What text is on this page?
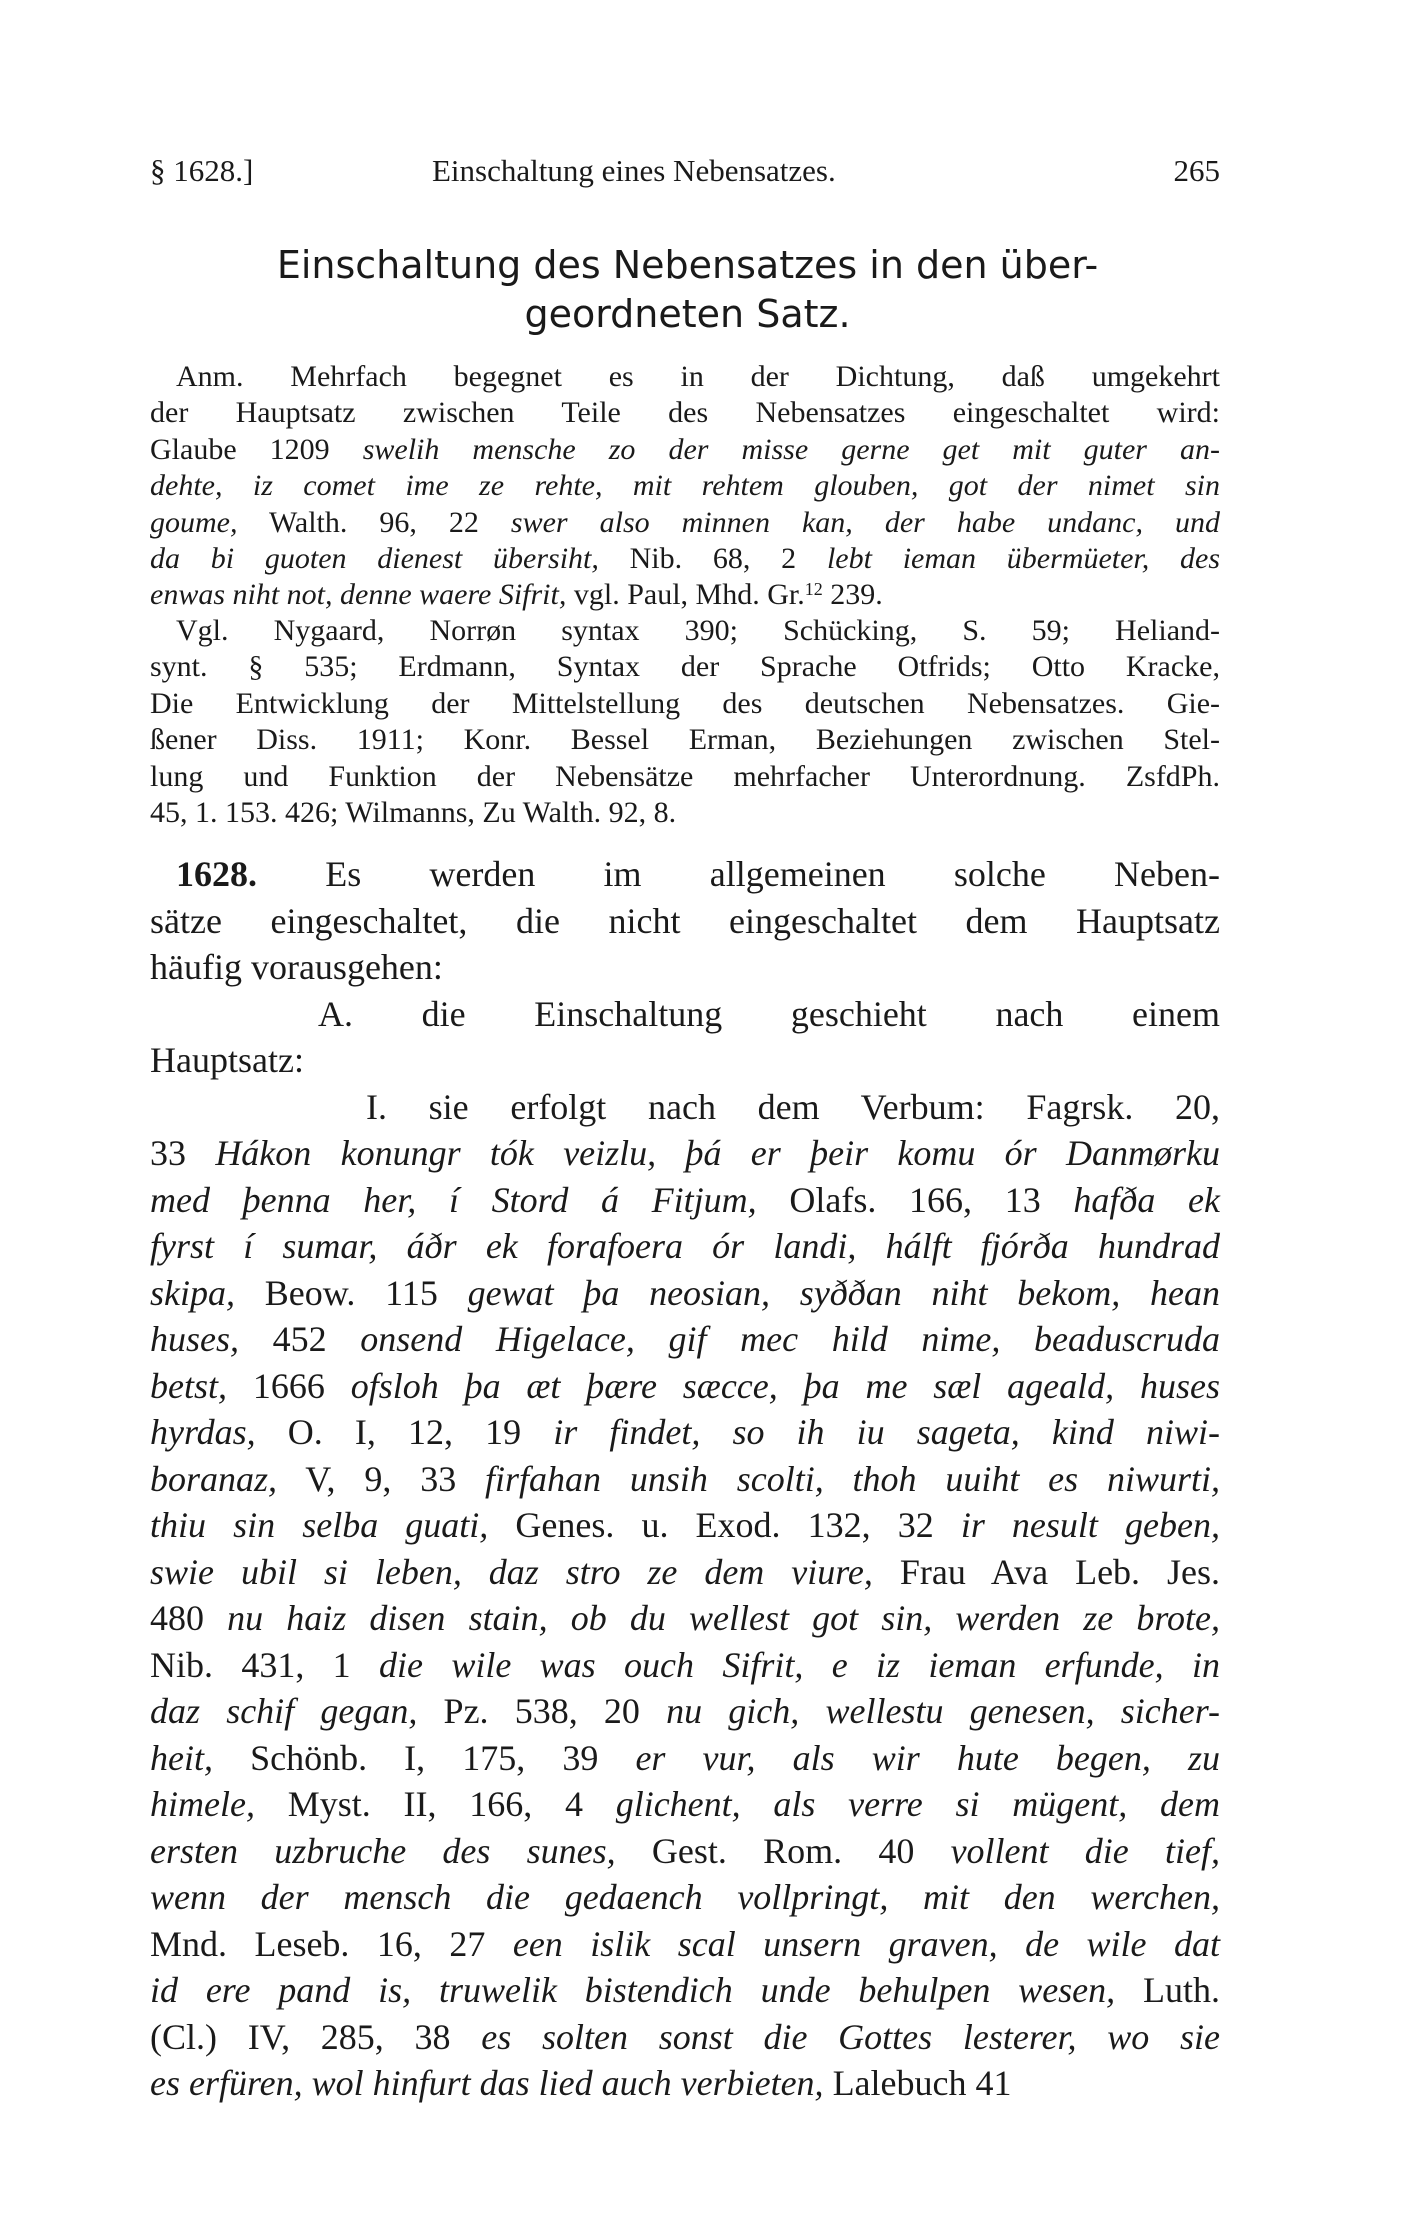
§ 1628.]	Einschaltung eines Nebensatzes.	265
Einschaltung des Nebensatzes in den über-
geordneten Satz.
Anm. Mehrfach begegnet es in der Dichtung, daß umgekehrt
der Hauptsatz zwischen Teile des Nebensatzes eingeschaltet wird:
Glaube 1209 swelih mensche zo der misse gerne get mit guter an-
dehte, iz comet ime ze rehte, mit rehtem glouben, got der nimet sin
goume, Walth. 96, 22 swer also minnen kan, der habe undanc, und
da bi guoten dienest übersiht, Nib. 68, 2 lebt ieman übermüeter, des
enwas niht not, denne waere Sifrit, vgl. Paul, Mhd. Gr.$^{12}$ 239.
Vgl. Nygaard, Norrøn syntax 390; Schücking, S. 59; Heliand-
synt. § 535; Erdmann, Syntax der Sprache Otfrids; Otto Kracke,
Die Entwicklung der Mittelstellung des deutschen Nebensatzes. Gie-
ßener Diss. 1911; Konr. Bessel Erman, Beziehungen zwischen Stel-
lung und Funktion der Nebensätze mehrfacher Unterordnung. ZsfdPh.
45, 1. 153. 426; Wilmanns, Zu Walth. 92, 8.
1628. Es werden im allgemeinen solche Neben-
sätze eingeschaltet, die nicht eingeschaltet dem Hauptsatz
häufig vorausgehen:
A. die Einschaltung geschieht nach einem
Hauptsatz:
I. sie erfolgt nach dem Verbum: Fagrsk. 20,
33 Hákon konungr tók veizlu, þá er þeir komu ór Danmørku
med þenna her, í Stord á Fitjum, Olafs. 166, 13 hafða ek
fyrst í sumar, áðr ek forafoera ór landi, hálft fjórða hundrad
skipa, Beow. 115 gewat þa neosian, syððan niht bekom, hean
huses, 452 onsend Higelace, gif mec hild nime, beaduscruda
betst, 1666 ofsloh þa æt þære sæcce, þa me sæl ageald, huses
hyrdas, O. I, 12, 19 ir findet, so ih iu sageta, kind niwi-
boranaz, V, 9, 33 firfahan unsih scolti, thoh uuiht es niwurti,
thiu sin selba guati, Genes. u. Exod. 132, 32 ir nesult geben,
swie ubil si leben, daz stro ze dem viure, Frau Ava Leb. Jes.
480 nu haiz disen stain, ob du wellest got sin, werden ze brote,
Nib. 431, 1 die wile was ouch Sifrit, e iz ieman erfunde, in
daz schif gegan, Pz. 538, 20 nu gich, wellestu genesen, sicher-
heit, Schönb. I, 175, 39 er vur, als wir hute begen, zu
himele, Myst. II, 166, 4 glichent, als verre si mügent, dem
ersten uzbruche des sunes, Gest. Rom. 40 vollent die tief,
wenn der mensch die gedaench vollpringt, mit den werchen,
Mnd. Leseb. 16, 27 een islik scal unsern graven, de wile dat
id ere pand is, truwelik bistendich unde behulpen wesen, Luth.
(Cl.) IV, 285, 38 es solten sonst die Gottes lesterer, wo sie
es erfüren, wol hinfurt das lied auch verbieten, Lalebuch 41
